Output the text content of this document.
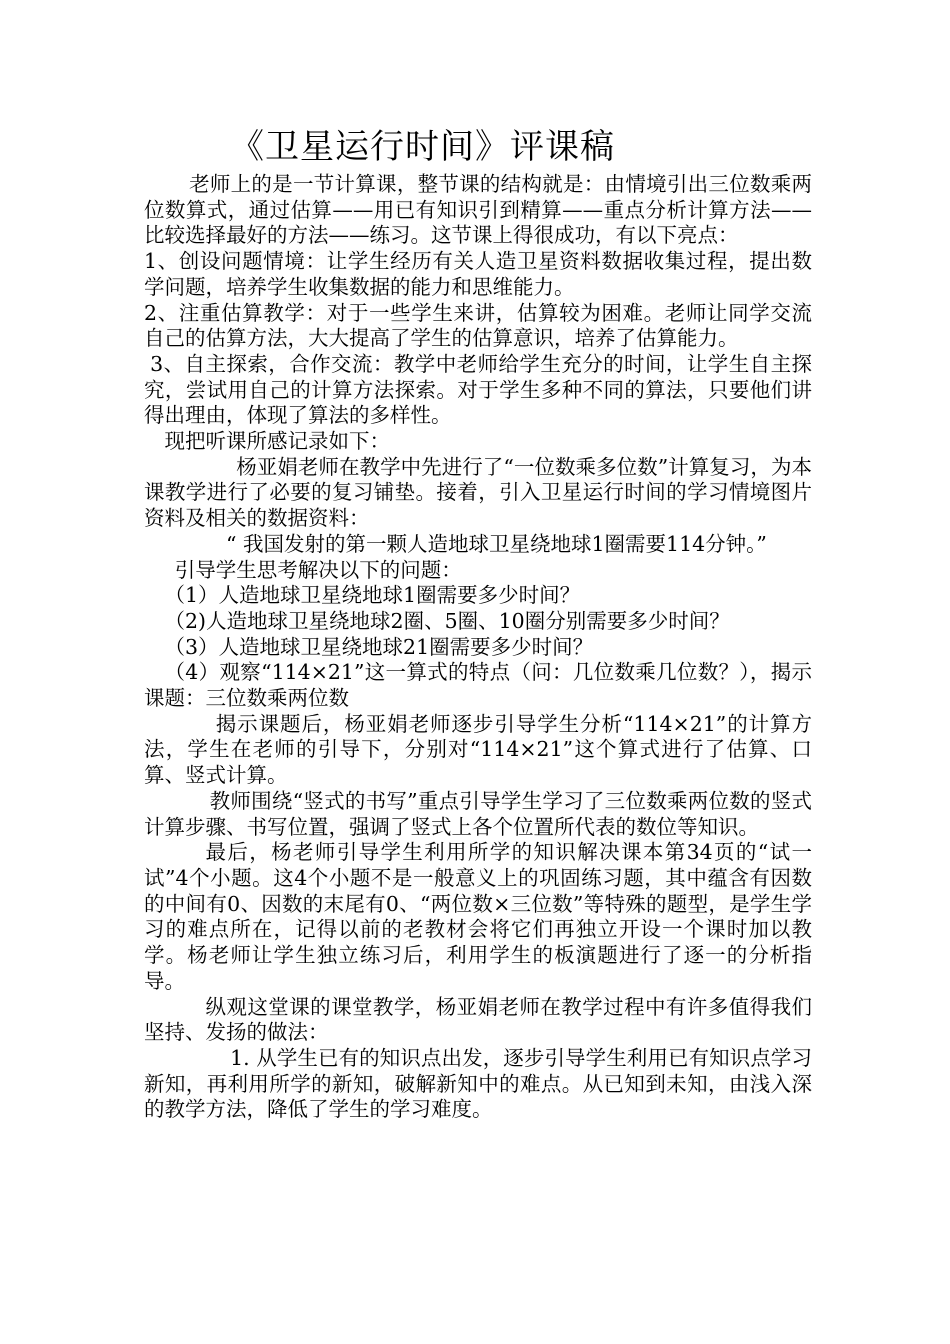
《卫星运行时间》评课稿

老师上的是一节计算课，整节课的结构就是：由情境引出三位数乘两位数算式，通过估算——用已有知识引到精算——重点分析计算方法——比较选择最好的方法——练习。这节课上得很成功，有以下亮点：

1、创设问题情境：让学生经历有关人造卫星资料数据收集过程，提出数学问题，培养学生收集数据的能力和思维能力。

2、注重估算教学：对于一些学生来讲，估算较为困难。老师让同学交流自己的估算方法，大大提高了学生的估算意识，培养了估算能力。

3、自主探索，合作交流：教学中老师给学生充分的时间，让学生自主探究，尝试用自己的计算方法探索。对于学生多种不同的算法，只要他们讲得出理由，体现了算法的多样性。

现把听课所感记录如下：

杨亚娟老师在教学中先进行了“一位数乘多位数”计算复习，为本课教学进行了必要的复习铺垫。接着，引入卫星运行时间的学习情境图片资料及相关的数据资料：

“ 我国发射的第一颗人造地球卫星绕地球1圈需要114分钟。”

引导学生思考解决以下的问题：

（1）人造地球卫星绕地球1圈需要多少时间？

（2)人造地球卫星绕地球2圈、5圈、10圈分别需要多少时间？

（3）人造地球卫星绕地球21圈需要多少时间？

（4）观察“114×21”这一算式的特点（问：几位数乘几位数？），揭示课题：三位数乘两位数

揭示课题后，杨亚娟老师逐步引导学生分析“114×21”的计算方法，学生在老师的引导下，分别对“114×21”这个算式进行了估算、口算、竖式计算。

教师围绕“竖式的书写”重点引导学生学习了三位数乘两位数的竖式计算步骤、书写位置，强调了竖式上各个位置所代表的数位等知识。

最后，杨老师引导学生利用所学的知识解决课本第34页的“试一试”4个小题。这4个小题不是一般意义上的巩固练习题，其中蕴含有因数的中间有0、因数的末尾有0、“两位数×三位数”等特殊的题型，是学生学习的难点所在，记得以前的老教材会将它们再独立开设一个课时加以教学。杨老师让学生独立练习后，利用学生的板演题进行了逐一的分析指导。

纵观这堂课的课堂教学，杨亚娟老师在教学过程中有许多值得我们坚持、发扬的做法：

1. 从学生已有的知识点出发，逐步引导学生利用已有知识点学习新知，再利用所学的新知，破解新知中的难点。从已知到未知，由浅入深的教学方法，降低了学生的学习难度。
